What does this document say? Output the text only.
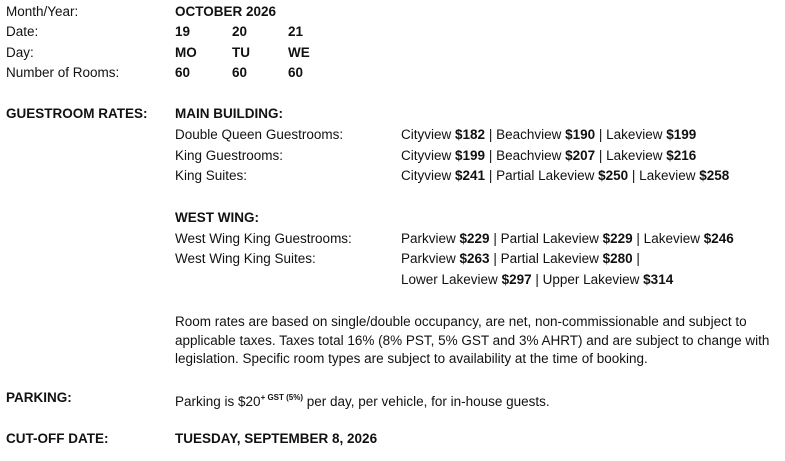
Month/Year:	OCTOBER 2026
Date:	19	20	21
Day:	MO	TU	WE
Number of Rooms:	60	60	60
GUESTROOM RATES: MAIN BUILDING:
Double Queen Guestrooms:	Cityview $182 | Beachview $190 | Lakeview $199
King Guestrooms:	Cityview $199 | Beachview $207 | Lakeview $216
King Suites:	Cityview $241 | Partial Lakeview $250 | Lakeview $258
WEST WING:
West Wing King Guestrooms:	Parkview $229 | Partial Lakeview $229 | Lakeview $246
West Wing King Suites:	Parkview $263 | Partial Lakeview $280 |
Lower Lakeview $297 | Upper Lakeview $314
Room rates are based on single/double occupancy, are net, non-commissionable and subject to applicable taxes. Taxes total 16% (8% PST, 5% GST and 3% AHRT) and are subject to change with legislation. Specific room types are subject to availability at the time of booking.
PARKING:	Parking is $\$20^{+ GST (5\%)}$ per day, per vehicle, for in-house guests.
CUT-OFF DATE:	TUESDAY, SEPTEMBER 8, 2026
